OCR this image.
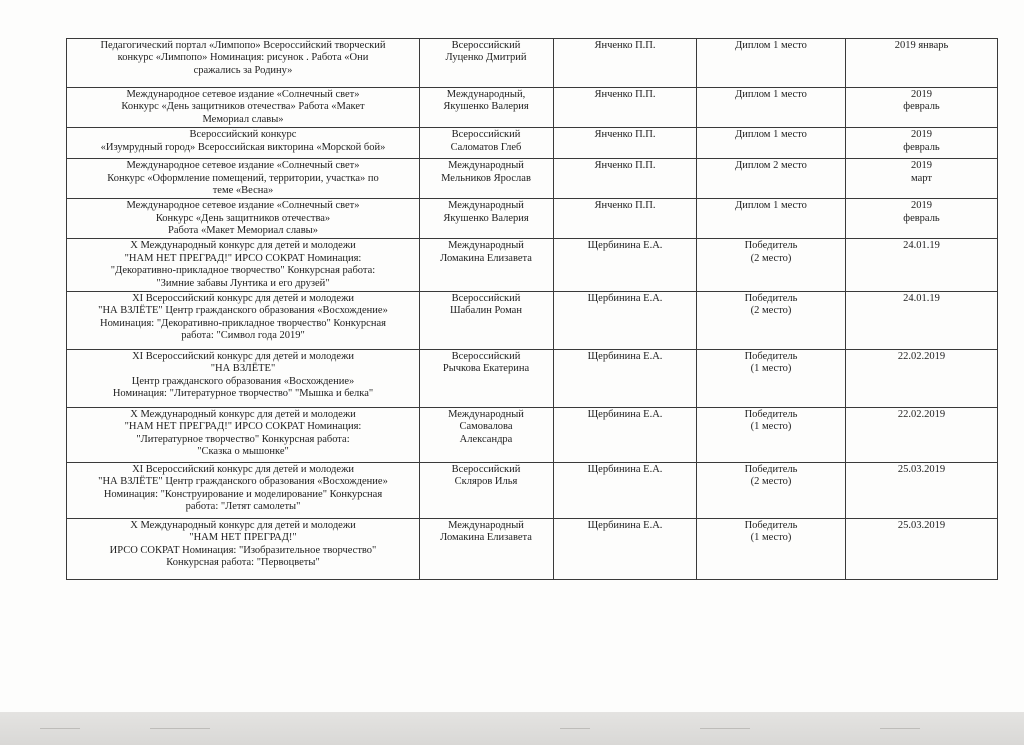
Педагогический портал «Лимпопо» Всероссийский творческий
конкурс «Лимпопо» Номинация: рисунок . Работа «Они
сражались за Родину»	Всероссийский
Луценко Дмитрий	Янченко П.П.	Диплом 1 место	2019 январь
Международное сетевое издание «Солнечный свет»
Конкурс «День защитников отечества» Работа «Макет
Мемориал славы»	Международный,
Якушенко Валерия	Янченко П.П.	Диплом 1 место	2019
февраль
Всероссийский конкурс
«Изумрудный город» Всероссийская викторина «Морской бой»	Всероссийский
Саломатов Глеб	Янченко П.П.	Диплом 1 место	2019
февраль
Международное сетевое издание «Солнечный свет»
Конкурс «Оформление помещений, территории, участка» по
теме «Весна»	Международный
Мельников Ярослав	Янченко П.П.	Диплом 2 место	2019
март
Международное сетевое издание «Солнечный свет»
Конкурс «День защитников отечества»
Работа «Макет Мемориал славы»	Международный
Якушенко Валерия	Янченко П.П.	Диплом 1 место	2019
февраль
X Международный конкурс для детей и молодежи
"НАМ НЕТ ПРЕГРАД!" ИРСО СОКРАТ Номинация:
"Декоративно-прикладное творчество" Конкурсная работа:
"Зимние забавы Лунтика и его друзей"	Международный
Ломакина Елизавета	Щербинина Е.А.	Победитель
(2 место)	24.01.19
XI Всероссийский конкурс для детей и молодежи
"НА ВЗЛЁТЕ" Центр гражданского образования «Восхождение»
Номинация: "Декоративно-прикладное творчество" Конкурсная
работа: "Символ года 2019"	Всероссийский
Шабалин Роман	Щербинина Е.А.	Победитель
(2 место)	24.01.19
XI Всероссийский конкурс для детей и молодежи
"НА ВЗЛЁТЕ"
Центр гражданского образования «Восхождение»
Номинация: "Литературное творчество" "Мышка и белка"	Всероссийский
Рычкова Екатерина	Щербинина Е.А.	Победитель
(1 место)	22.02.2019
X Международный конкурс для детей и молодежи
"НАМ НЕТ ПРЕГРАД!" ИРСО СОКРАТ Номинация:
"Литературное творчество" Конкурсная работа:
"Сказка о мышонке"	Международный
Самовалова
Александра	Щербинина Е.А.	Победитель
(1 место)	22.02.2019
XI Всероссийский конкурс для детей и молодежи
"НА ВЗЛЁТЕ" Центр гражданского образования «Восхождение»
Номинация: "Конструирование и моделирование" Конкурсная
работа: "Летят самолеты"	Всероссийский
Скляров Илья	Щербинина Е.А.	Победитель
(2 место)	25.03.2019
X Международный конкурс для детей и молодежи
"НАМ НЕТ ПРЕГРАД!"
ИРСО СОКРАТ Номинация: "Изобразительное творчество"
Конкурсная работа: "Первоцветы"	Международный
Ломакина Елизавета	Щербинина Е.А.	Победитель
(1 место)	25.03.2019
